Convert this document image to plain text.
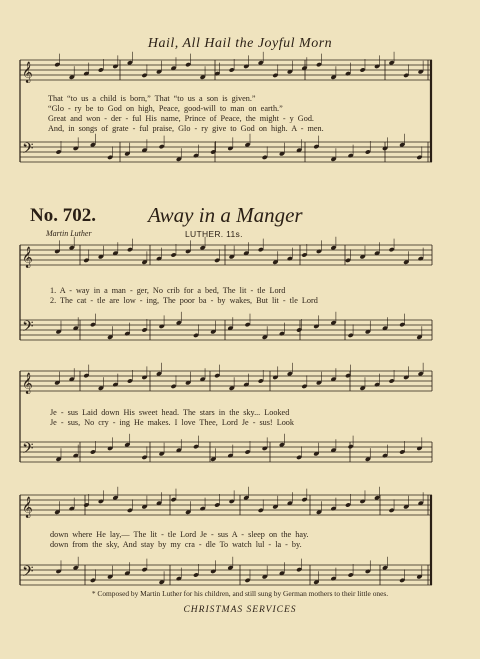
𝄞
𝄢
𝄞
𝄢
𝄞
𝄢
𝄞
𝄢
Hail, All Hail the Joyful Morn
That “to us a child is born,” That “to us a son is given.”
“Glo - ry be to God on high, Peace, good-will to man on earth.”
Great and won - der - ful His name, Prince of Peace, the might - y God.
And, in songs of grate - ful praise, Glo - ry give to God on high. A - men.
No. 702. Away in a Manger
Martin Luther	LUTHER. 11s.
1. A - way in a man - ger, No crib for a bed, The lit - tle Lord
2. The cat - tle are low - ing, The poor ba - by wakes, But lit - tle Lord
Je - sus Laid down His sweet head. The stars in the sky... Looked
Je - sus, No cry - ing He makes. I love Thee, Lord Je - sus! Look
down where He lay,— The lit - tle Lord Je - sus A - sleep on the hay.
down from the sky, And stay by my cra - dle To watch lul - la - by.
* Composed by Martin Luther for his children, and still sung by German mothers to their little ones.
CHRISTMAS SERVICES
